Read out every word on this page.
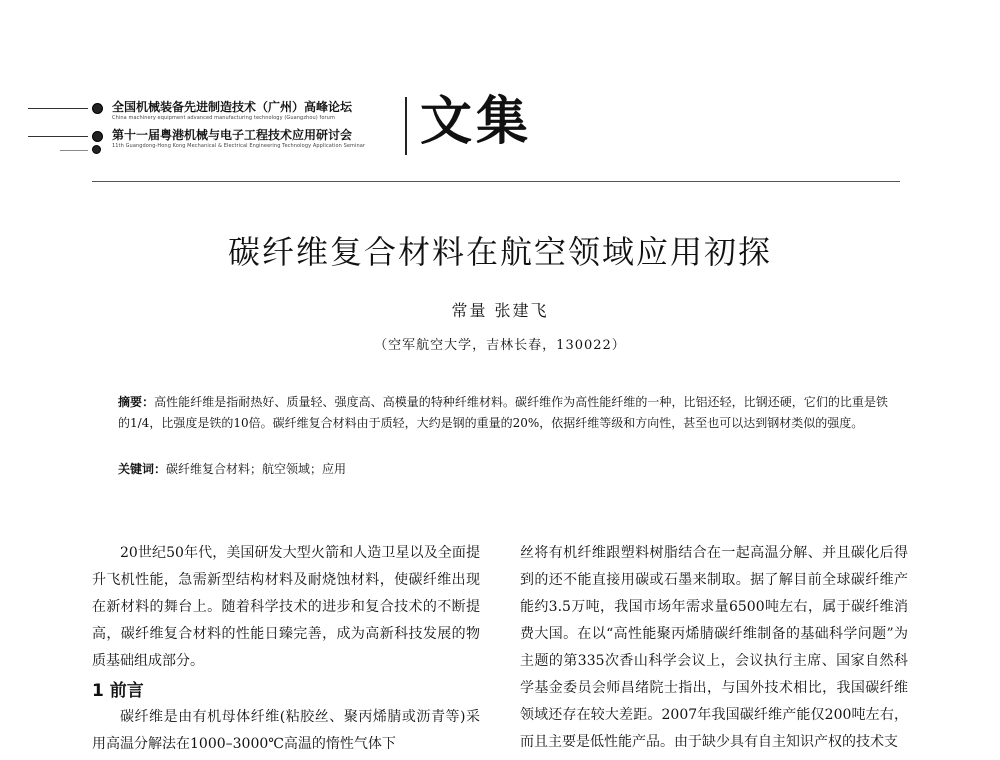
全国机械装备先进制造技术（广州）高峰论坛
China machinery equipment advanced manufacturing technology (Guangzhou) forum
第十一届粤港机械与电子工程技术应用研讨会
11th Guangdong-Hong Kong Mechanical & Electrical Engineering Technology Application Seminar 文集
碳纤维复合材料在航空领域应用初探
常量 张建飞
（空军航空大学，吉林长春，130022）
摘要：高性能纤维是指耐热好、质量轻、强度高、高模量的特种纤维材料。碳纤维作为高性能纤维的一种，比铝还轻，比钢还硬，它们的比重是铁的1/4，比强度是铁的10倍。碳纤维复合材料由于质轻，大约是钢的重量的20%，依据纤维等级和方向性，甚至也可以达到钢材类似的强度。
关键词：碳纤维复合材料；航空领域；应用

20世纪50年代，美国研发大型火箭和人造卫星以及全面提升飞机性能，急需新型结构材料及耐烧蚀材料，使碳纤维出现在新材料的舞台上。随着科学技术的进步和复合技术的不断提高，碳纤维复合材料的性能日臻完善，成为高新科技发展的物质基础组成部分。

1 前言

碳纤维是由有机母体纤维(粘胶丝、聚丙烯腈或沥青等)采用高温分解法在1000–3000℃高温的惰性气体下

丝将有机纤维跟塑料树脂结合在一起高温分解、并且碳化后得到的还不能直接用碳或石墨来制取。据了解目前全球碳纤维产能约3.5万吨，我国市场年需求量6500吨左右，属于碳纤维消费大国。在以“高性能聚丙烯腈碳纤维制备的基础科学问题”为主题的第335次香山科学会议上，会议执行主席、国家自然科学基金委员会师昌绪院士指出，与国外技术相比，我国碳纤维领域还存在较大差距。2007年我国碳纤维产能仅200吨左右，而且主要是低性能产品。由于缺少具有自主知识产权的技术支
